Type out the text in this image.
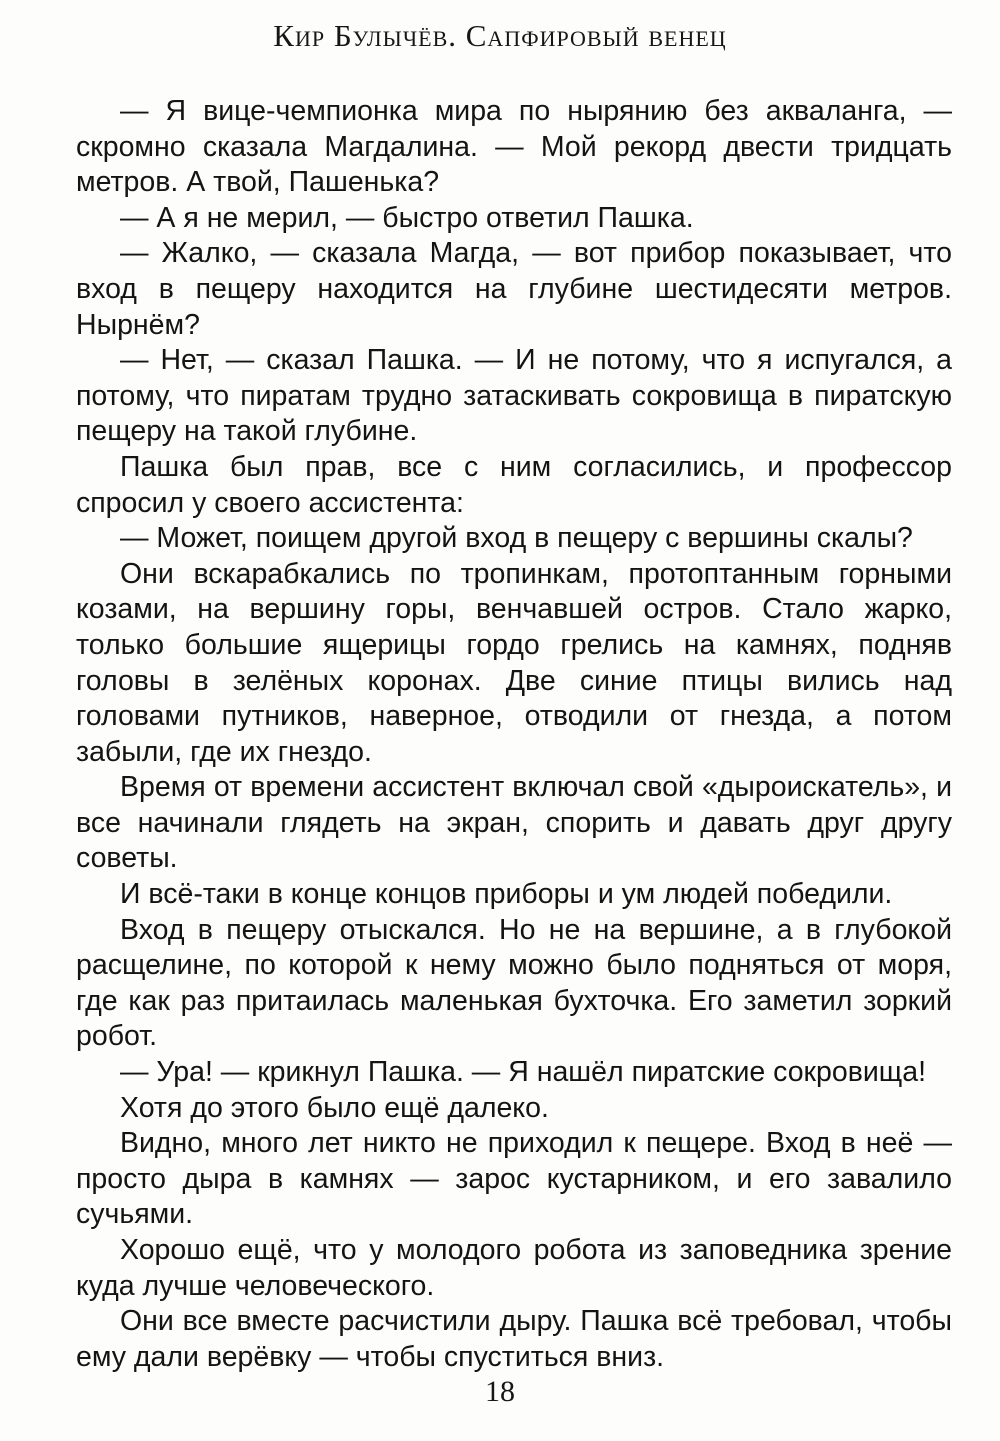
Кир Булычёв. Сапфировый венец

— Я вице-чемпионка мира по нырянию без акваланга, — скромно сказала Магдалина. — Мой рекорд двести тридцать метров. А твой, Пашенька?

— А я не мерил, — быстро ответил Пашка.

— Жалко, — сказала Магда, — вот прибор показывает, что вход в пещеру находится на глубине шестидесяти метров. Нырнём?

— Нет, — сказал Пашка. — И не потому, что я испугался, а потому, что пиратам трудно затаскивать сокровища в пиратскую пещеру на такой глубине.

Пашка был прав, все с ним согласились, и профессор спросил у своего ассистента:

— Может, поищем другой вход в пещеру с вершины скалы?

Они вскарабкались по тропинкам, протоптанным горными козами, на вершину горы, венчавшей остров. Стало жарко, только большие ящерицы гордо грелись на камнях, подняв головы в зелёных коронах. Две синие птицы вились над головами путников, наверное, отводили от гнезда, а потом забыли, где их гнездо.

Время от времени ассистент включал свой «дыроискатель», и все начинали глядеть на экран, спорить и давать друг другу советы.

И всё-таки в конце концов приборы и ум людей победили.

Вход в пещеру отыскался. Но не на вершине, а в глубокой расщелине, по которой к нему можно было подняться от моря, где как раз притаилась маленькая бухточка. Его заметил зоркий робот.

— Ура! — крикнул Пашка. — Я нашёл пиратские сокровища!

Хотя до этого было ещё далеко.

Видно, много лет никто не приходил к пещере. Вход в неё — просто дыра в камнях — зарос кустарником, и его завалило сучьями.

Хорошо ещё, что у молодого робота из заповедника зрение куда лучше человеческого.

Они все вместе расчистили дыру. Пашка всё требовал, чтобы ему дали верёвку — чтобы спуститься вниз.

18
